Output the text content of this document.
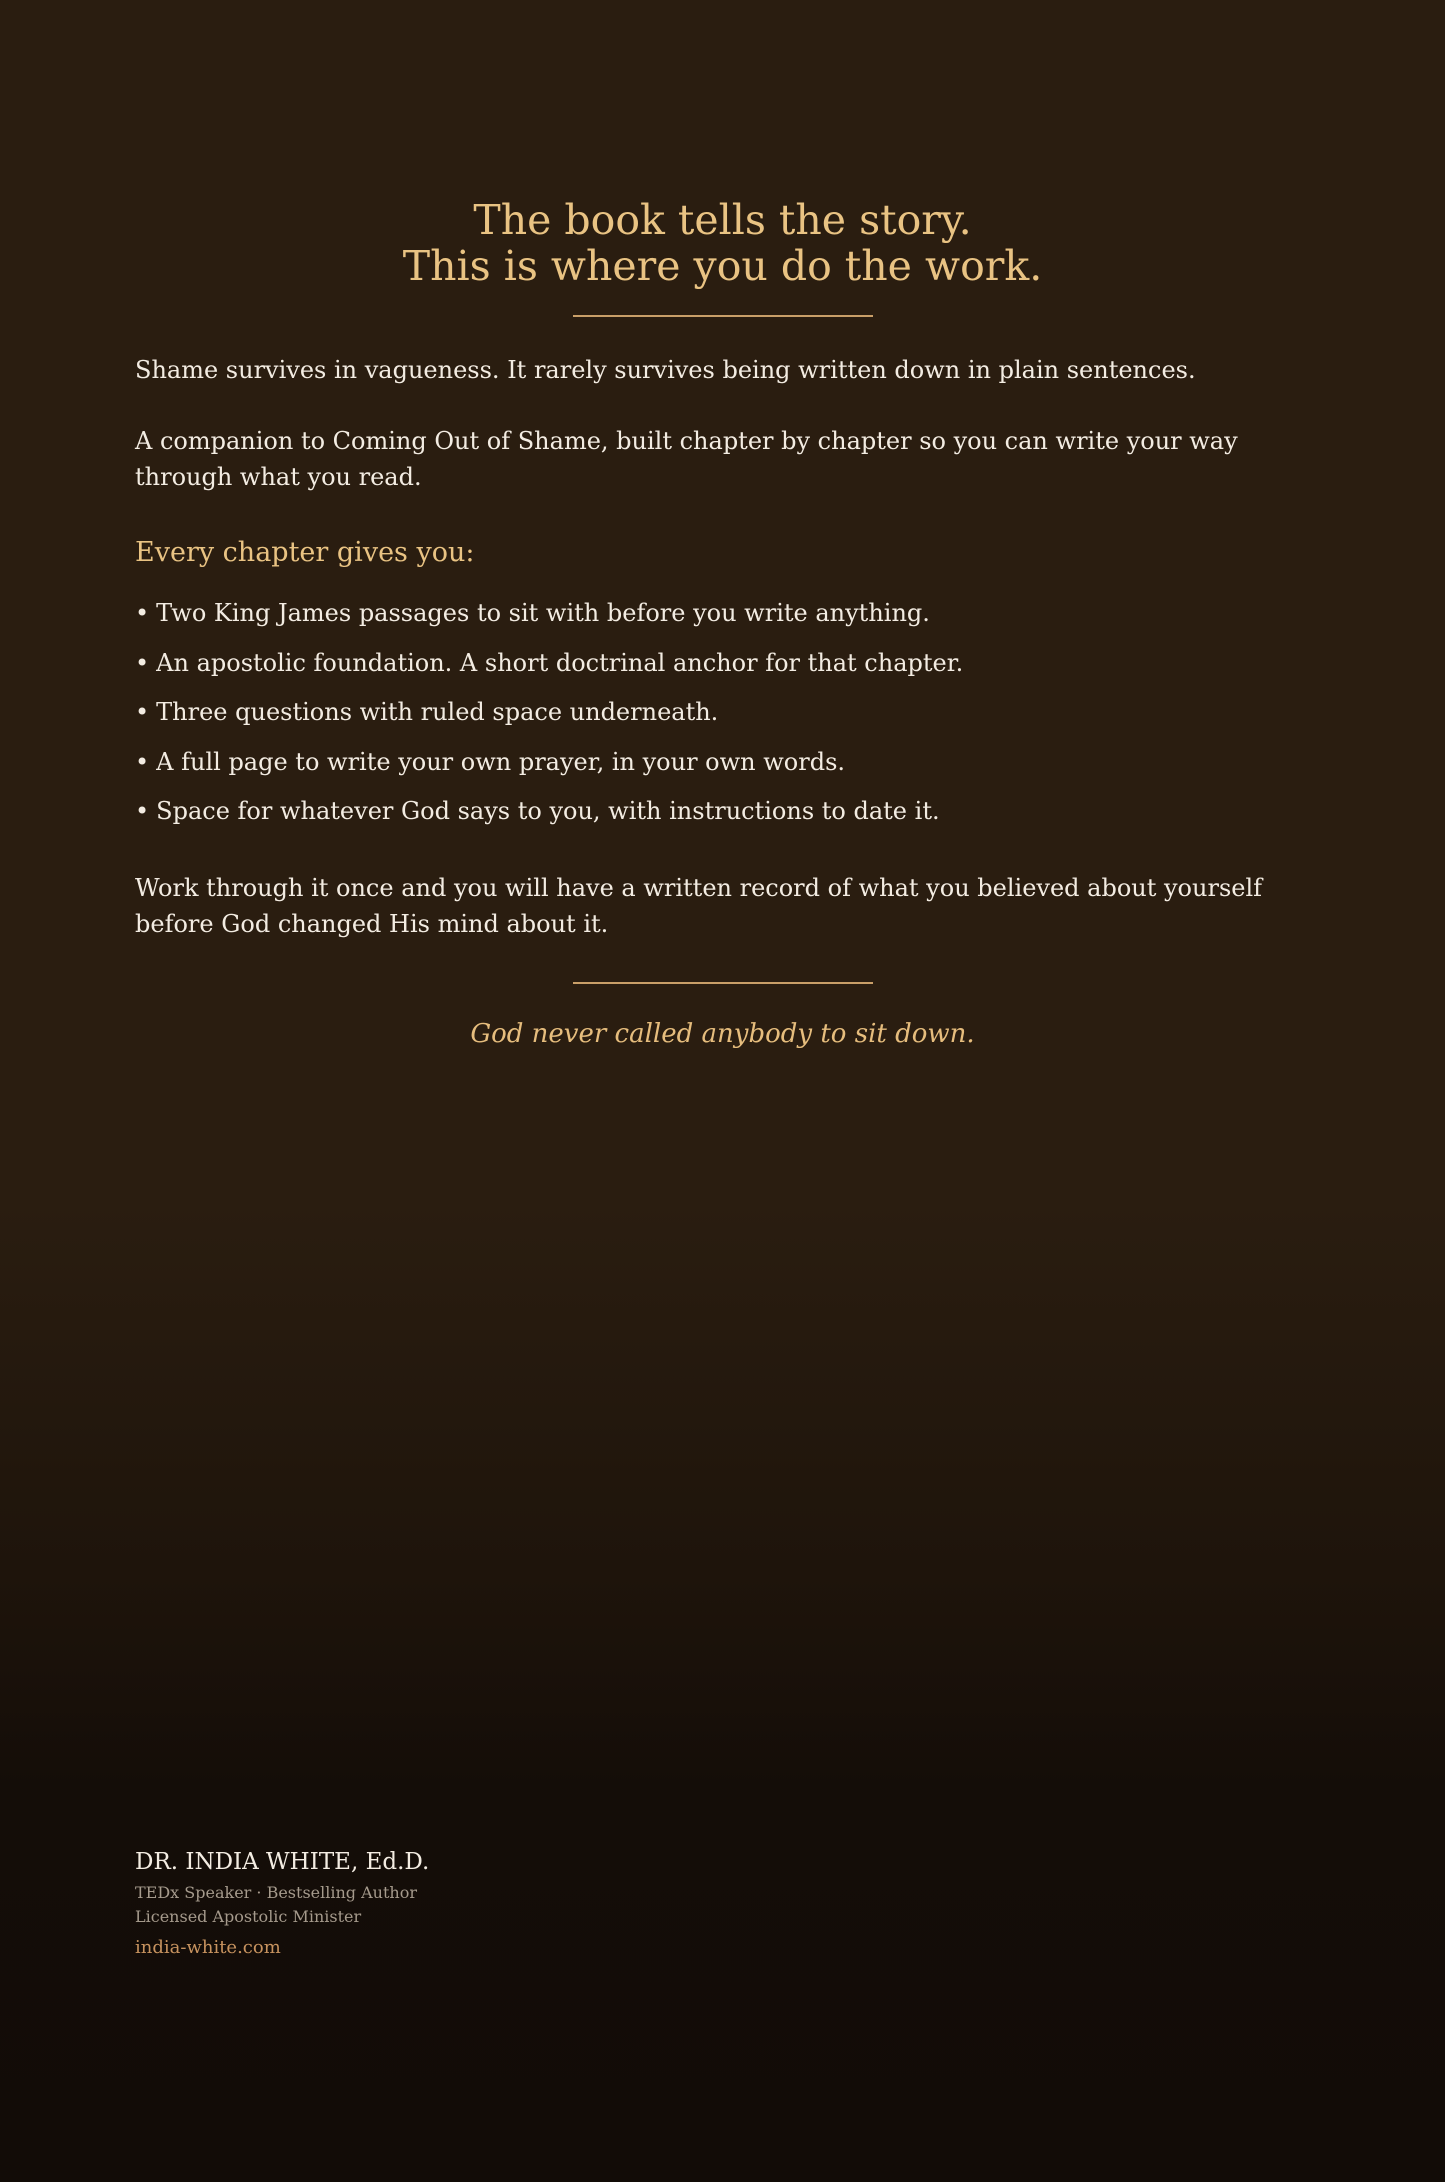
The book tells the story.
This is where you do the work.
Shame survives in vagueness. It rarely survives being written down in plain sentences.
A companion to Coming Out of Shame, built chapter by chapter so you can write your way through what you read.
Every chapter gives you:
• Two King James passages to sit with before you write anything.
• An apostolic foundation. A short doctrinal anchor for that chapter.
• Three questions with ruled space underneath.
• A full page to write your own prayer, in your own words.
• Space for whatever God says to you, with instructions to date it.
Work through it once and you will have a written record of what you believed about yourself before God changed His mind about it.
God never called anybody to sit down.
DR. INDIA WHITE, Ed.D.
TEDx Speaker · Bestselling Author
Licensed Apostolic Minister
india-white.com
